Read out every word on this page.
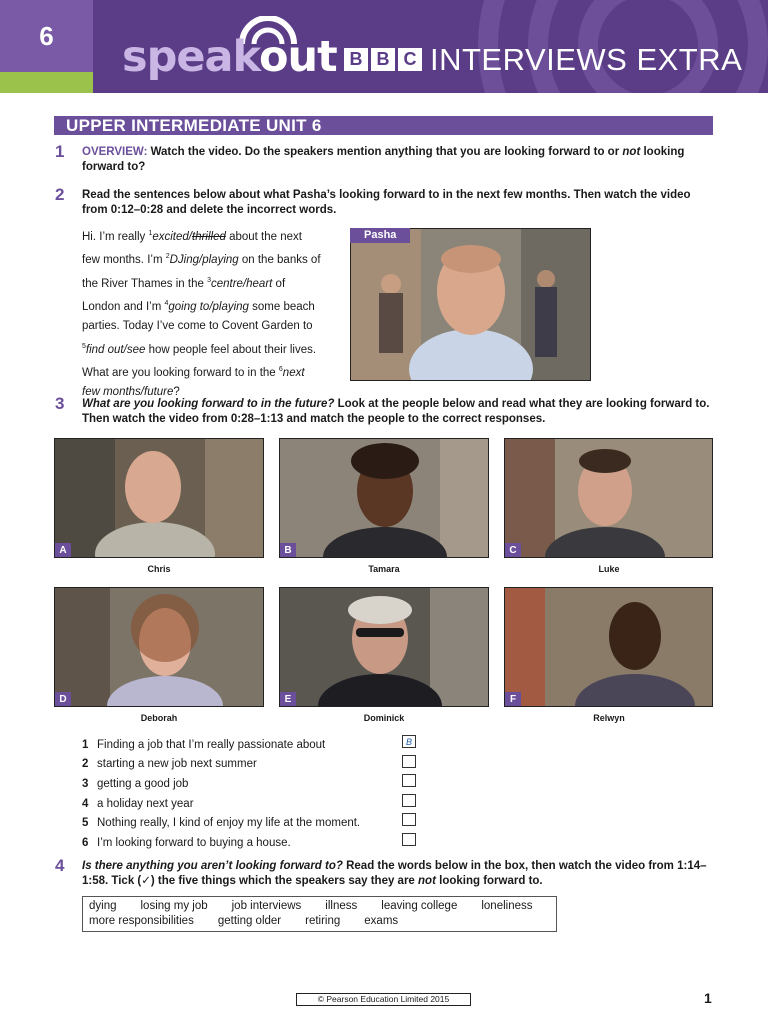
6	speakout B B C INTERVIEWS EXTRA
UPPER INTERMEDIATE UNIT 6
1 OVERVIEW: Watch the video. Do the speakers mention anything that you are looking forward to or not looking forward to?
2 Read the sentences below about what Pasha’s looking forward to in the next few months. Then watch the video from 0:12–0:28 and delete the incorrect words.
Hi. I’m really $^1$excited/thrilled about the next few months. I’m $^2$DJing/playing on the banks of the River Thames in the $^3$centre/heart of London and I’m $^4$going to/playing some beach parties. Today I’ve come to Covent Garden to $^5$find out/see how people feel about their lives. What are you looking forward to in the $^6$next few months/future?
Pasha
3 What are you looking forward to in the future? Look at the people below and read what they are looking forward to. Then watch the video from 0:28–1:13 and match the people to the correct responses.
A	B	C
Chris	Tamara	Luke
D	E	F
Deborah	Dominick	Relwyn
1 Finding a job that I’m really passionate about
2 starting a new job next summer
3 getting a good job
4 a holiday next year
5 Nothing really, I kind of enjoy my life at the moment.
6 I’m looking forward to buying a house.
B
4 Is there anything you aren’t looking forward to? Read the words below in the box, then watch the video from 1:14–1:58. Tick (✓) the five things which the speakers say they are not looking forward to.
dying losing my job job interviews illness leaving college loneliness
more responsibilities getting older retiring exams
© Pearson Education Limited 2015	1
